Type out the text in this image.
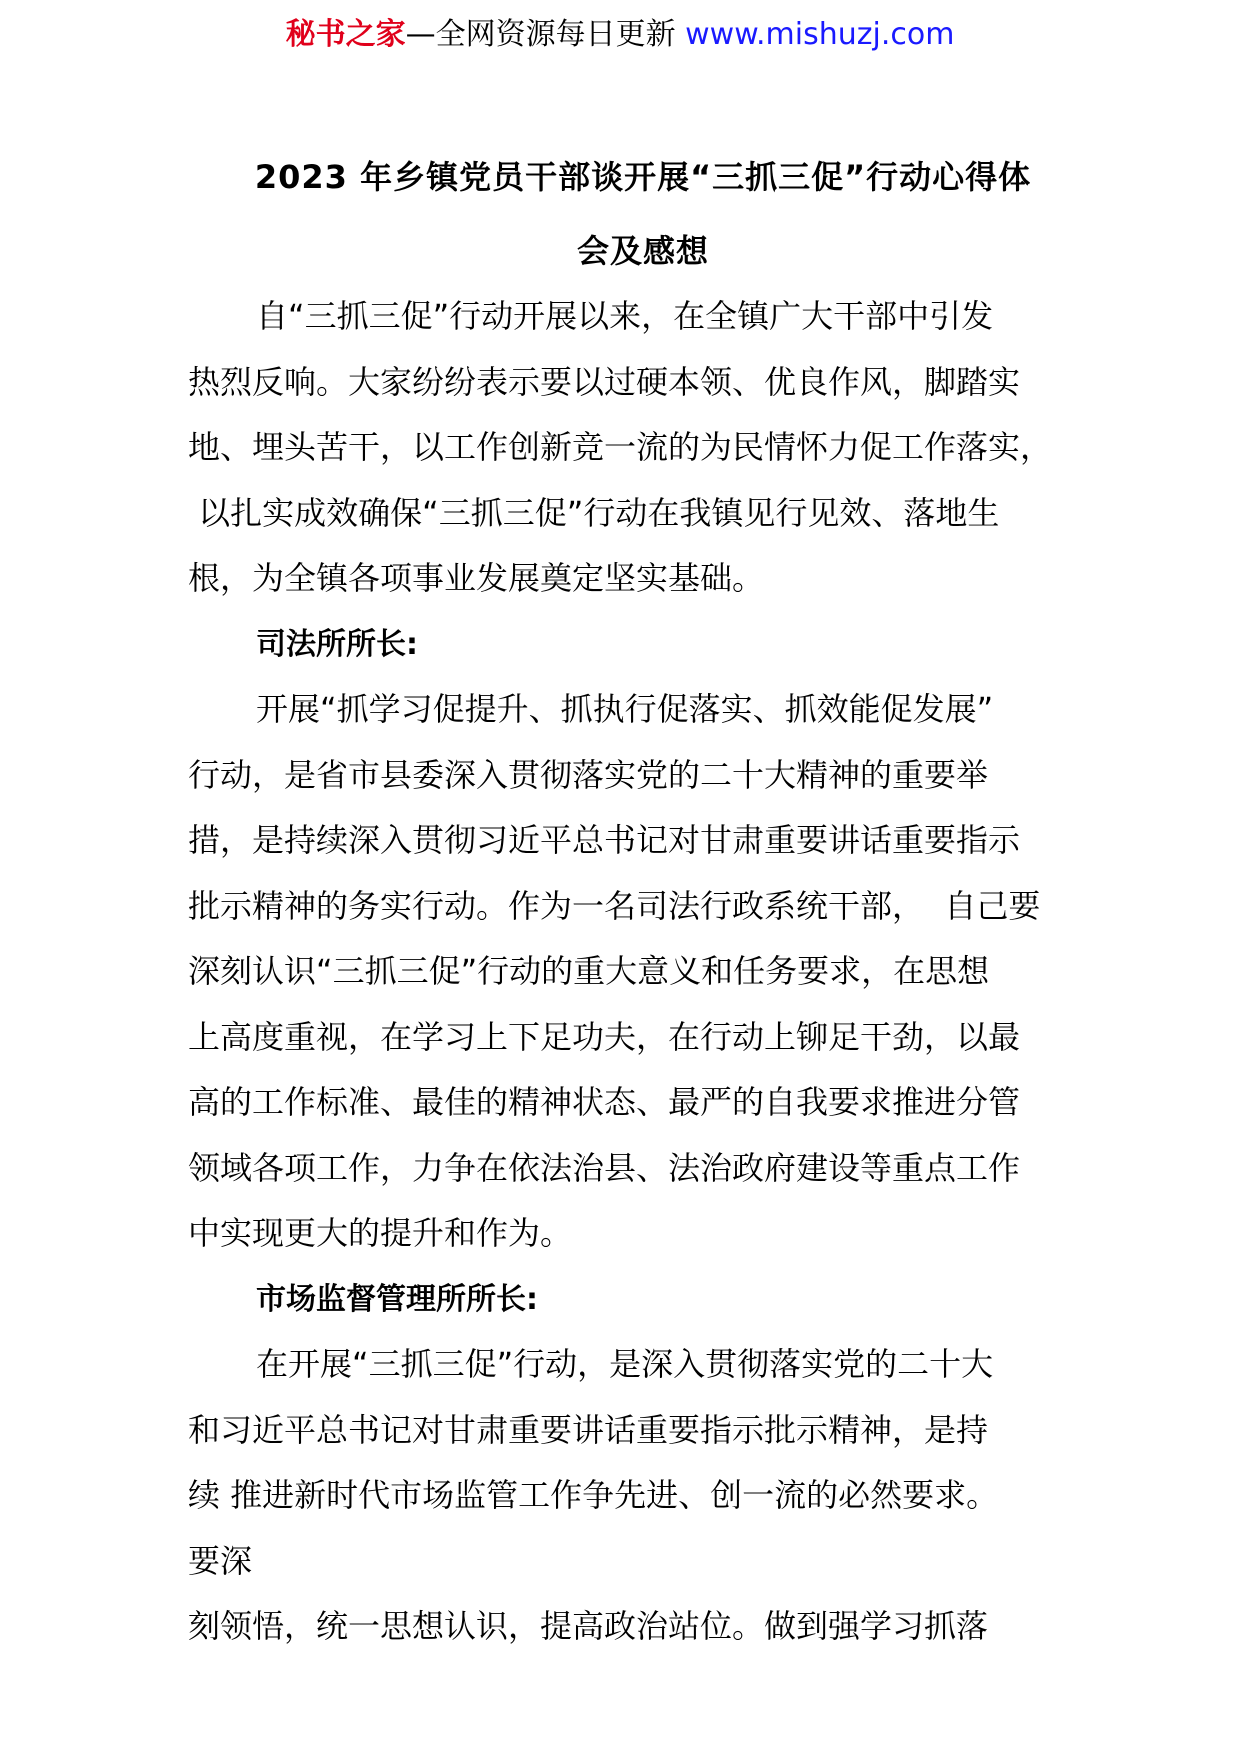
秘书之家—全网资源每日更新 www.mishuzj.com
2023 年乡镇党员干部谈开展“三抓三促”行动心得体
会及感想

自“三抓三促”行动开展以来，在全镇广大干部中引发
热烈反响。大家纷纷表示要以过硬本领、优良作风，脚踏实
地、埋头苦干，以工作创新竞一流的为民情怀力促工作落实，
以扎实成效确保“三抓三促”行动在我镇见行见效、落地生
根，为全镇各项事业发展奠定坚实基础。

司法所所长:

开展“抓学习促提升、抓执行促落实、抓效能促发展”
行动，是省市县委深入贯彻落实党的二十大精神的重要举
措，是持续深入贯彻习近平总书记对甘肃重要讲话重要指示
批示精神的务实行动。作为一名司法行政系统干部，  自己要
深刻认识“三抓三促”行动的重大意义和任务要求，在思想
上高度重视，在学习上下足功夫，在行动上铆足干劲，以最
高的工作标准、最佳的精神状态、最严的自我要求推进分管
领域各项工作，力争在依法治县、法治政府建设等重点工作
中实现更大的提升和作为。

市场监督管理所所长:

在开展“三抓三促”行动，是深入贯彻落实党的二十大
和习近平总书记对甘肃重要讲话重要指示批示精神，是持
续 推进新时代市场监管工作争先进、创一流的必然要求。
要深
刻领悟，统一思想认识，提高政治站位。做到强学习抓落
